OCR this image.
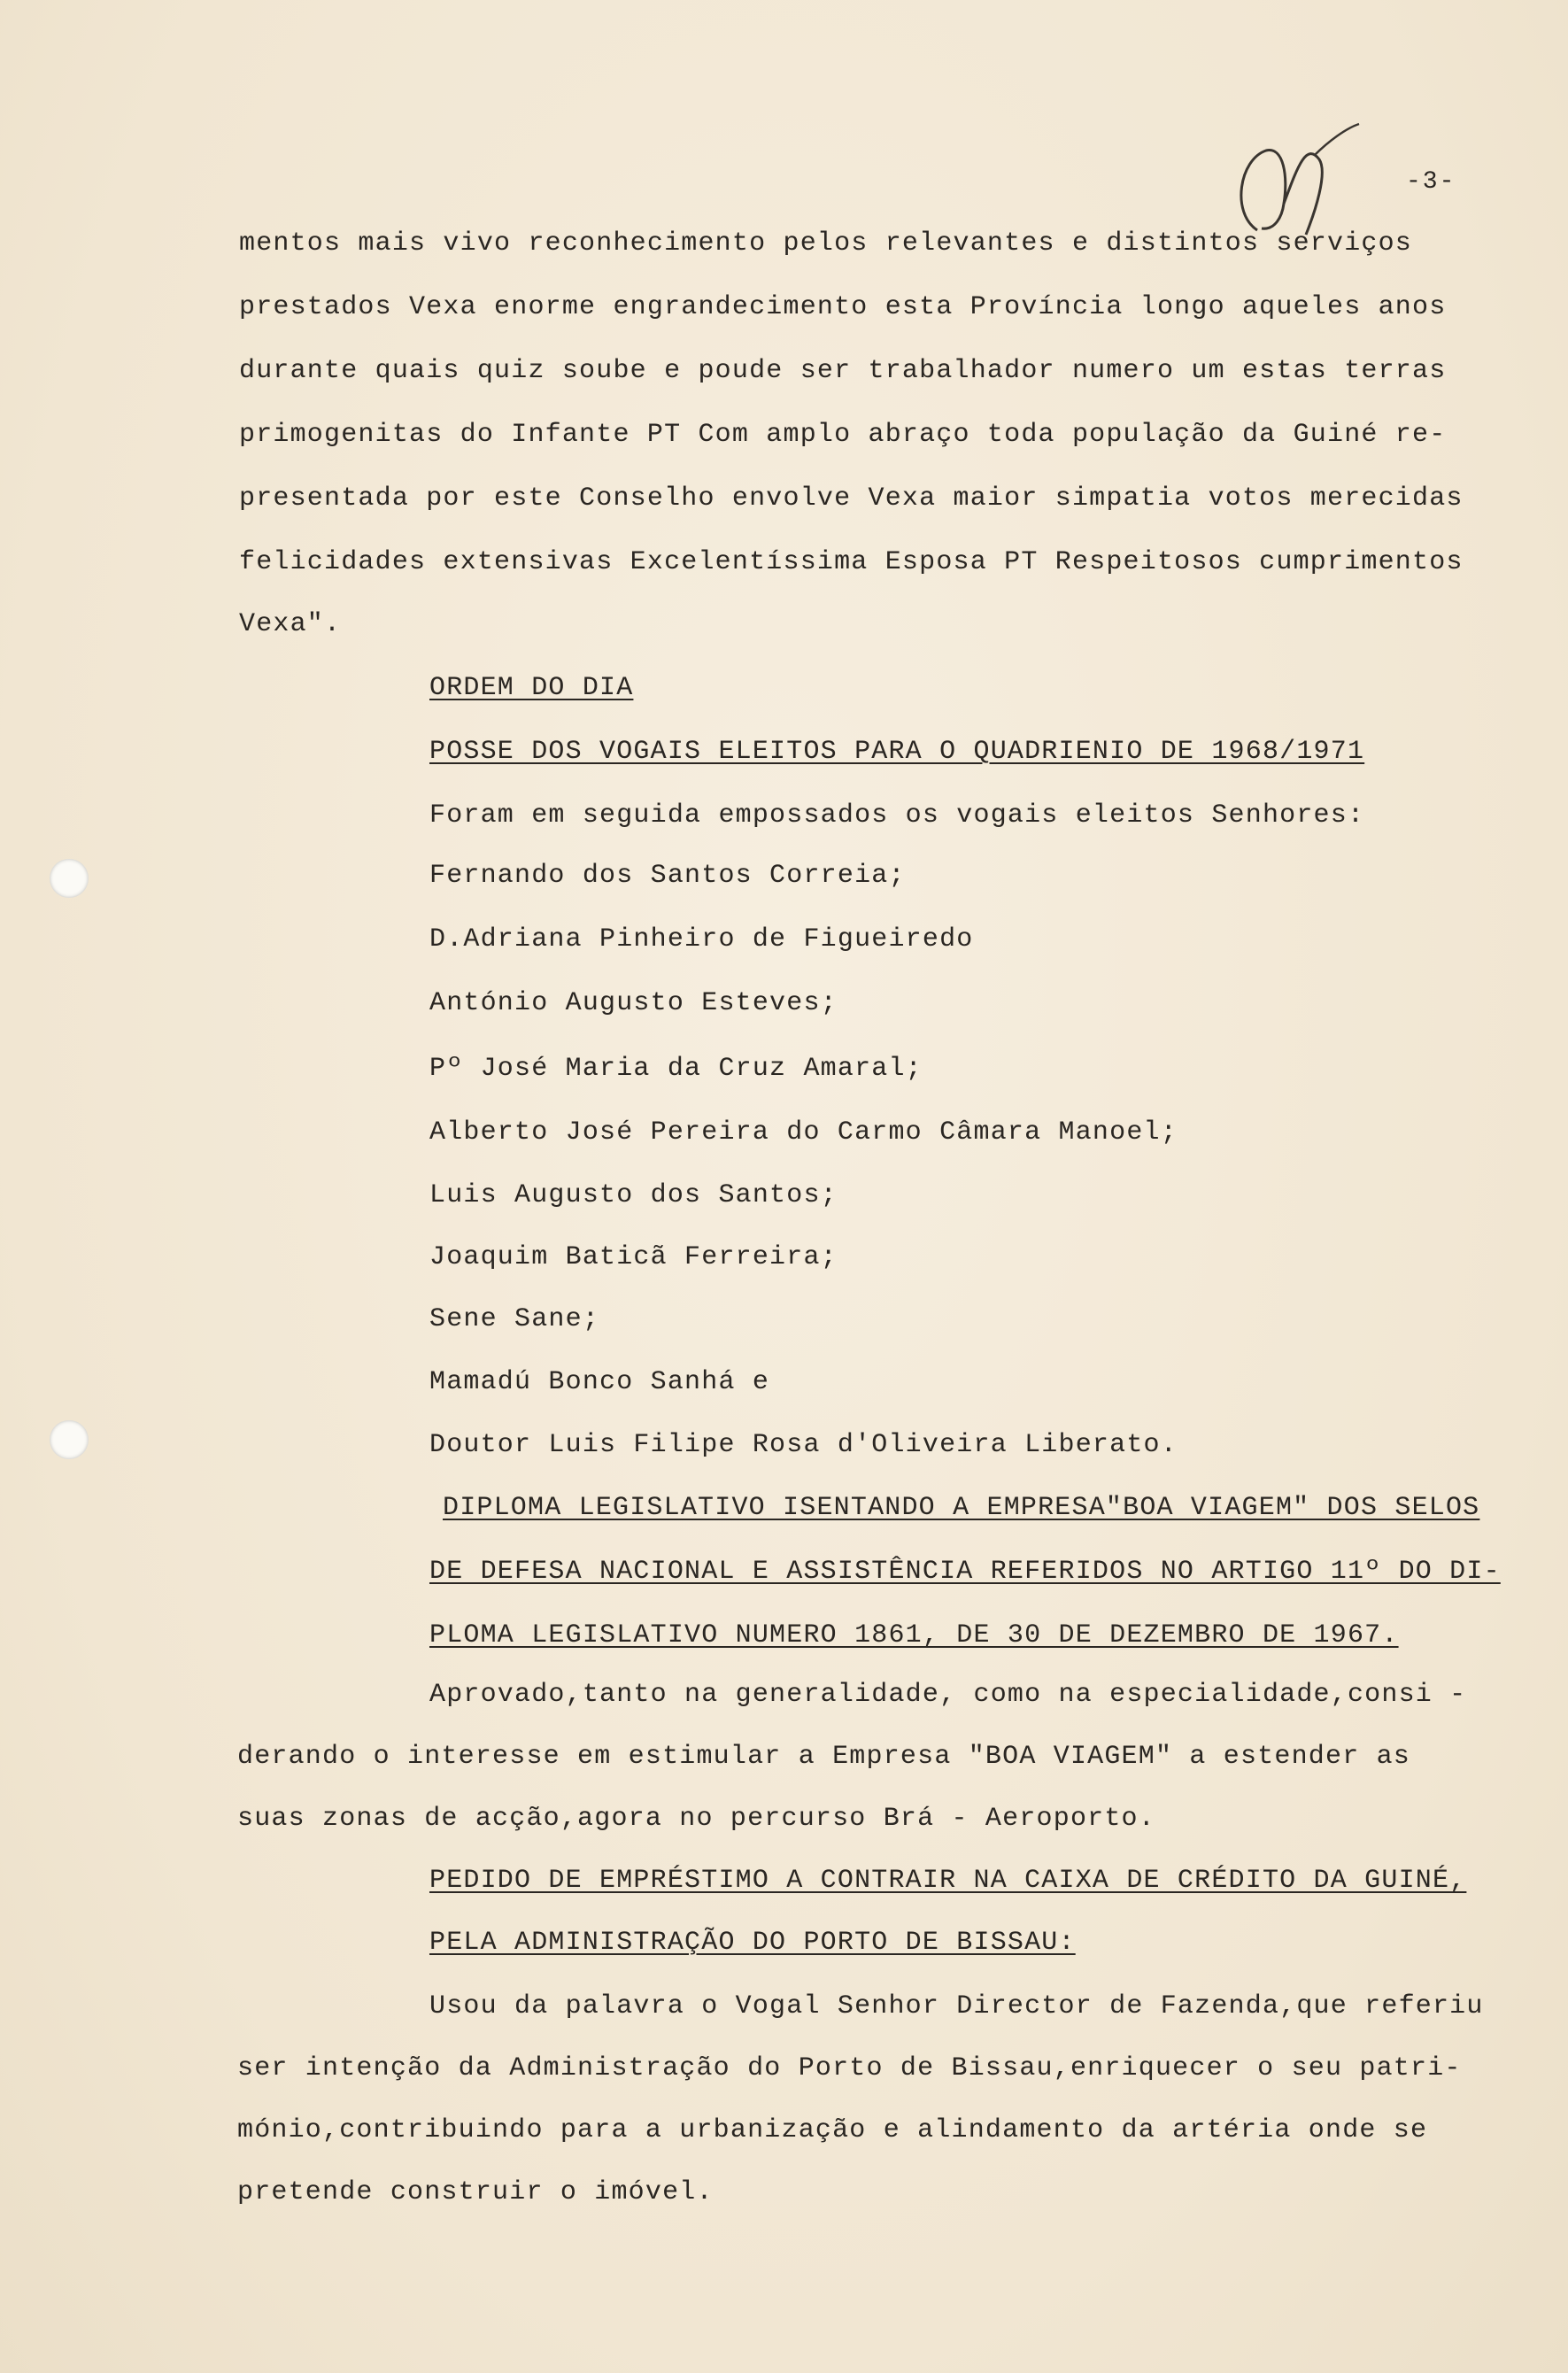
-3-
mentos mais vivo reconhecimento pelos relevantes e distintos serviços
prestados Vexa enorme engrandecimento esta Província longo aqueles anos
durante quais quiz soube e poude ser trabalhador numero um estas terras
primogenitas do Infante PT Com amplo abraço toda população da Guiné re-
presentada por este Conselho envolve Vexa maior simpatia votos merecidas
felicidades extensivas Excelentíssima Esposa PT Respeitosos cumprimentos
Vexa".
ORDEM DO DIA
POSSE DOS VOGAIS ELEITOS PARA O QUADRIENIO DE 1968/1971
Foram em seguida empossados os vogais eleitos Senhores:
Fernando dos Santos Correia;
D.Adriana Pinheiro de Figueiredo
António Augusto Esteves;
Pº José Maria da Cruz Amaral;
Alberto José Pereira do Carmo Câmara Manoel;
Luis Augusto dos Santos;
Joaquim Baticã Ferreira;
Sene Sane;
Mamadú Bonco Sanhá e
Doutor Luis Filipe Rosa d'Oliveira Liberato.
DIPLOMA LEGISLATIVO ISENTANDO A EMPRESA"BOA VIAGEM" DOS SELOS
DE DEFESA NACIONAL E ASSISTÊNCIA REFERIDOS NO ARTIGO 11º DO DI-
PLOMA LEGISLATIVO NUMERO 1861, DE 30 DE DEZEMBRO DE 1967.
Aprovado,tanto na generalidade, como na especialidade,consi -
derando o interesse em estimular a Empresa "BOA VIAGEM" a estender as
suas zonas de acção,agora no percurso Brá - Aeroporto.
PEDIDO DE EMPRÉSTIMO A CONTRAIR NA CAIXA DE CRÉDITO DA GUINÉ,
PELA ADMINISTRAÇÃO DO PORTO DE BISSAU:
Usou da palavra o Vogal Senhor Director de Fazenda,que referiu
ser intenção da Administração do Porto de Bissau,enriquecer o seu patri-
mónio,contribuindo para a urbanização e alindamento da artéria onde se
pretende construir o imóvel.
